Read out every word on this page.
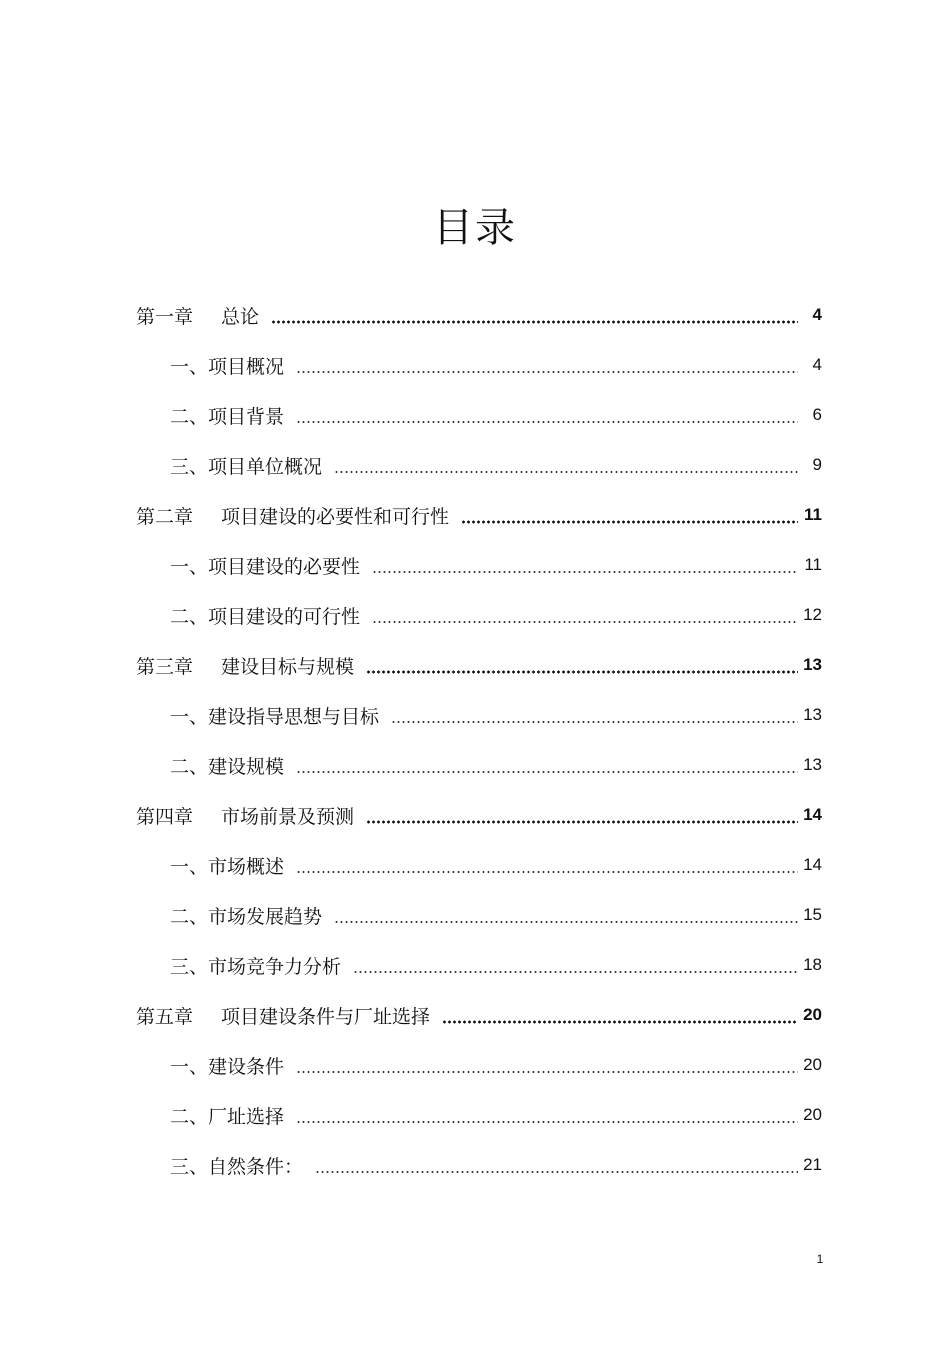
目录
第一章 总论	4
一、项目概况	4
二、项目背景	6
三、项目单位概况	9
第二章 项目建设的必要性和可行性	11
一、项目建设的必要性	11
二、项目建设的可行性	12
第三章 建设目标与规模	13
一、建设指导思想与目标	13
二、建设规模	13
第四章 市场前景及预测	14
一、市场概述	14
二、市场发展趋势	15
三、市场竞争力分析	18
第五章 项目建设条件与厂址选择	20
一、建设条件	20
二、厂址选择	20
三、自然条件：	21
1
